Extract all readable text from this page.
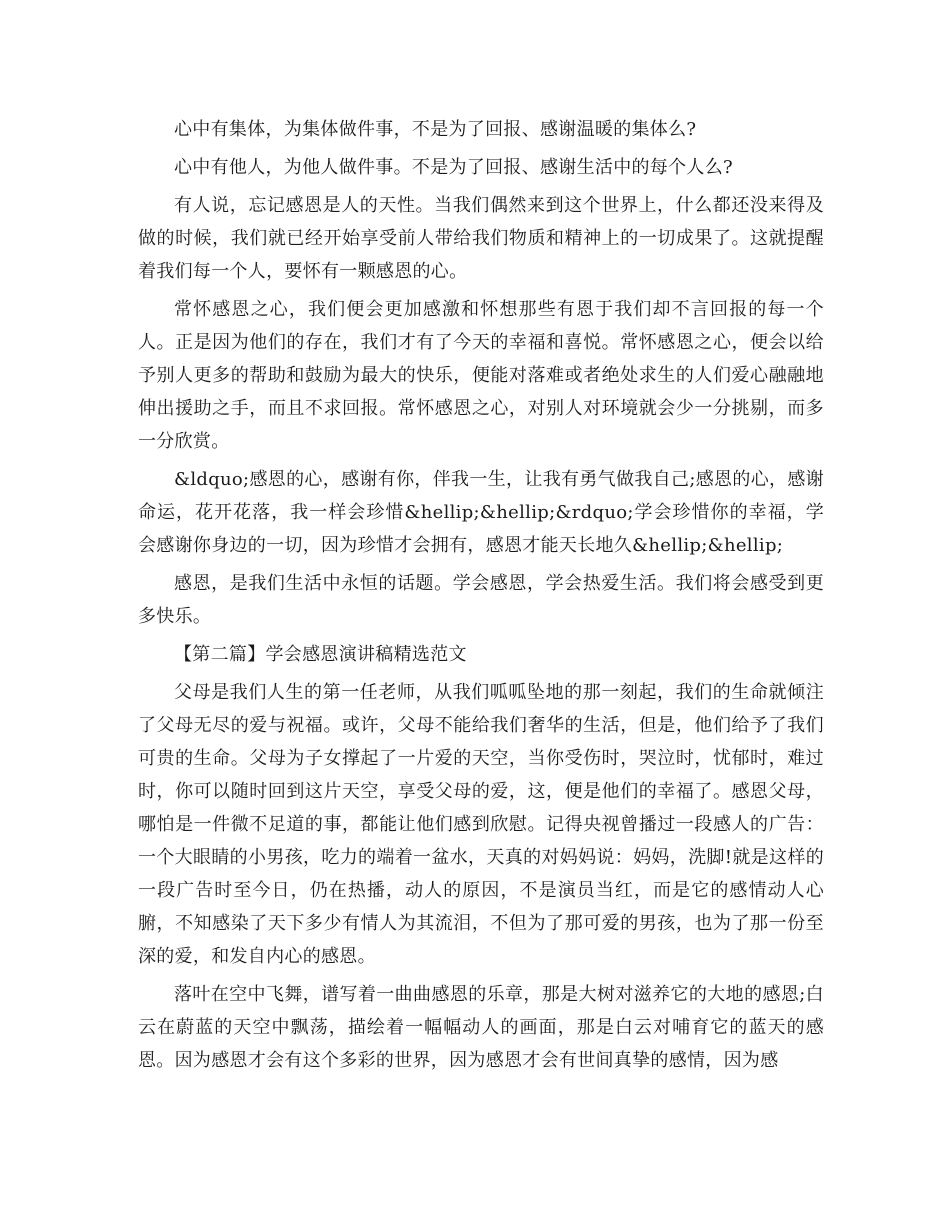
心中有集体，为集体做件事，不是为了回报、感谢温暖的集体么?

心中有他人，为他人做件事。不是为了回报、感谢生活中的每个人么?

有人说，忘记感恩是人的天性。当我们偶然来到这个世界上，什么都还没来得及做的时候，我们就已经开始享受前人带给我们物质和精神上的一切成果了。这就提醒着我们每一个人，要怀有一颗感恩的心。

常怀感恩之心，我们便会更加感激和怀想那些有恩于我们却不言回报的每一个人。正是因为他们的存在，我们才有了今天的幸福和喜悦。常怀感恩之心，便会以给予别人更多的帮助和鼓励为最大的快乐，便能对落难或者绝处求生的人们爱心融融地伸出援助之手，而且不求回报。常怀感恩之心，对别人对环境就会少一分挑剔，而多一分欣赏。

&ldquo;感恩的心，感谢有你，伴我一生，让我有勇气做我自己;感恩的心，感谢命运，花开花落，我一样会珍惜&hellip;&hellip;&rdquo;学会珍惜你的幸福，学会感谢你身边的一切，因为珍惜才会拥有，感恩才能天长地久&hellip;&hellip;

感恩，是我们生活中永恒的话题。学会感恩，学会热爱生活。我们将会感受到更多快乐。

【第二篇】学会感恩演讲稿精选范文

父母是我们人生的第一任老师，从我们呱呱坠地的那一刻起，我们的生命就倾注了父母无尽的爱与祝福。或许，父母不能给我们奢华的生活，但是，他们给予了我们可贵的生命。父母为子女撑起了一片爱的天空，当你受伤时，哭泣时，忧郁时，难过时，你可以随时回到这片天空，享受父母的爱，这，便是他们的幸福了。感恩父母，哪怕是一件微不足道的事，都能让他们感到欣慰。记得央视曾播过一段感人的广告：一个大眼睛的小男孩，吃力的端着一盆水，天真的对妈妈说：妈妈，洗脚!就是这样的一段广告时至今日，仍在热播，动人的原因，不是演员当红，而是它的感情动人心腑，不知感染了天下多少有情人为其流泪，不但为了那可爱的男孩，也为了那一份至深的爱，和发自内心的感恩。

落叶在空中飞舞，谱写着一曲曲感恩的乐章，那是大树对滋养它的大地的感恩;白云在蔚蓝的天空中飘荡，描绘着一幅幅动人的画面，那是白云对哺育它的蓝天的感恩。因为感恩才会有这个多彩的世界，因为感恩才会有世间真挚的感情，因为感
